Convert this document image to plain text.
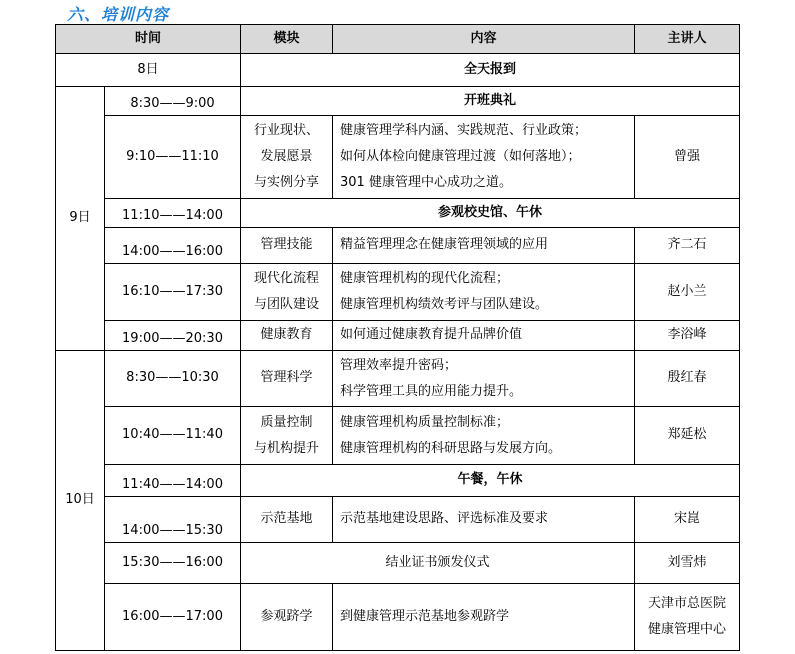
六、培训内容
时间		模块	内容	主讲人
8日		全天报到		
9日	8:30——9:00	开班典礼		
	9:10——11:10	行业现状、
发展愿景
与实例分享	健康管理学科内涵、实践规范、行业政策；
如何从体检向健康管理过渡（如何落地）；
301 健康管理中心成功之道。	曾强
	11:10——14:00	参观校史馆、午休		
	14:00——16:00	管理技能	精益管理理念在健康管理领域的应用	齐二石
	16:10——17:30	现代化流程
与团队建设	健康管理机构的现代化流程；
健康管理机构绩效考评与团队建设。	赵小兰
	19:00——20:30	健康教育	如何通过健康教育提升品牌价值	李浴峰
10日	8:30——10:30	管理科学	管理效率提升密码；
科学管理工具的应用能力提升。	殷红春
	10:40——11:40	质量控制
与机构提升	健康管理机构质量控制标准；
健康管理机构的科研思路与发展方向。	郑延松
	11:40——14:00	午餐，午休		
	14:00——15:30	示范基地	示范基地建设思路、评选标准及要求	宋崑
	15:30——16:00	结业证书颁发仪式		刘雪炜
	16:00——17:00	参观跻学	到健康管理示范基地参观跻学	天津市总医院
健康管理中心
